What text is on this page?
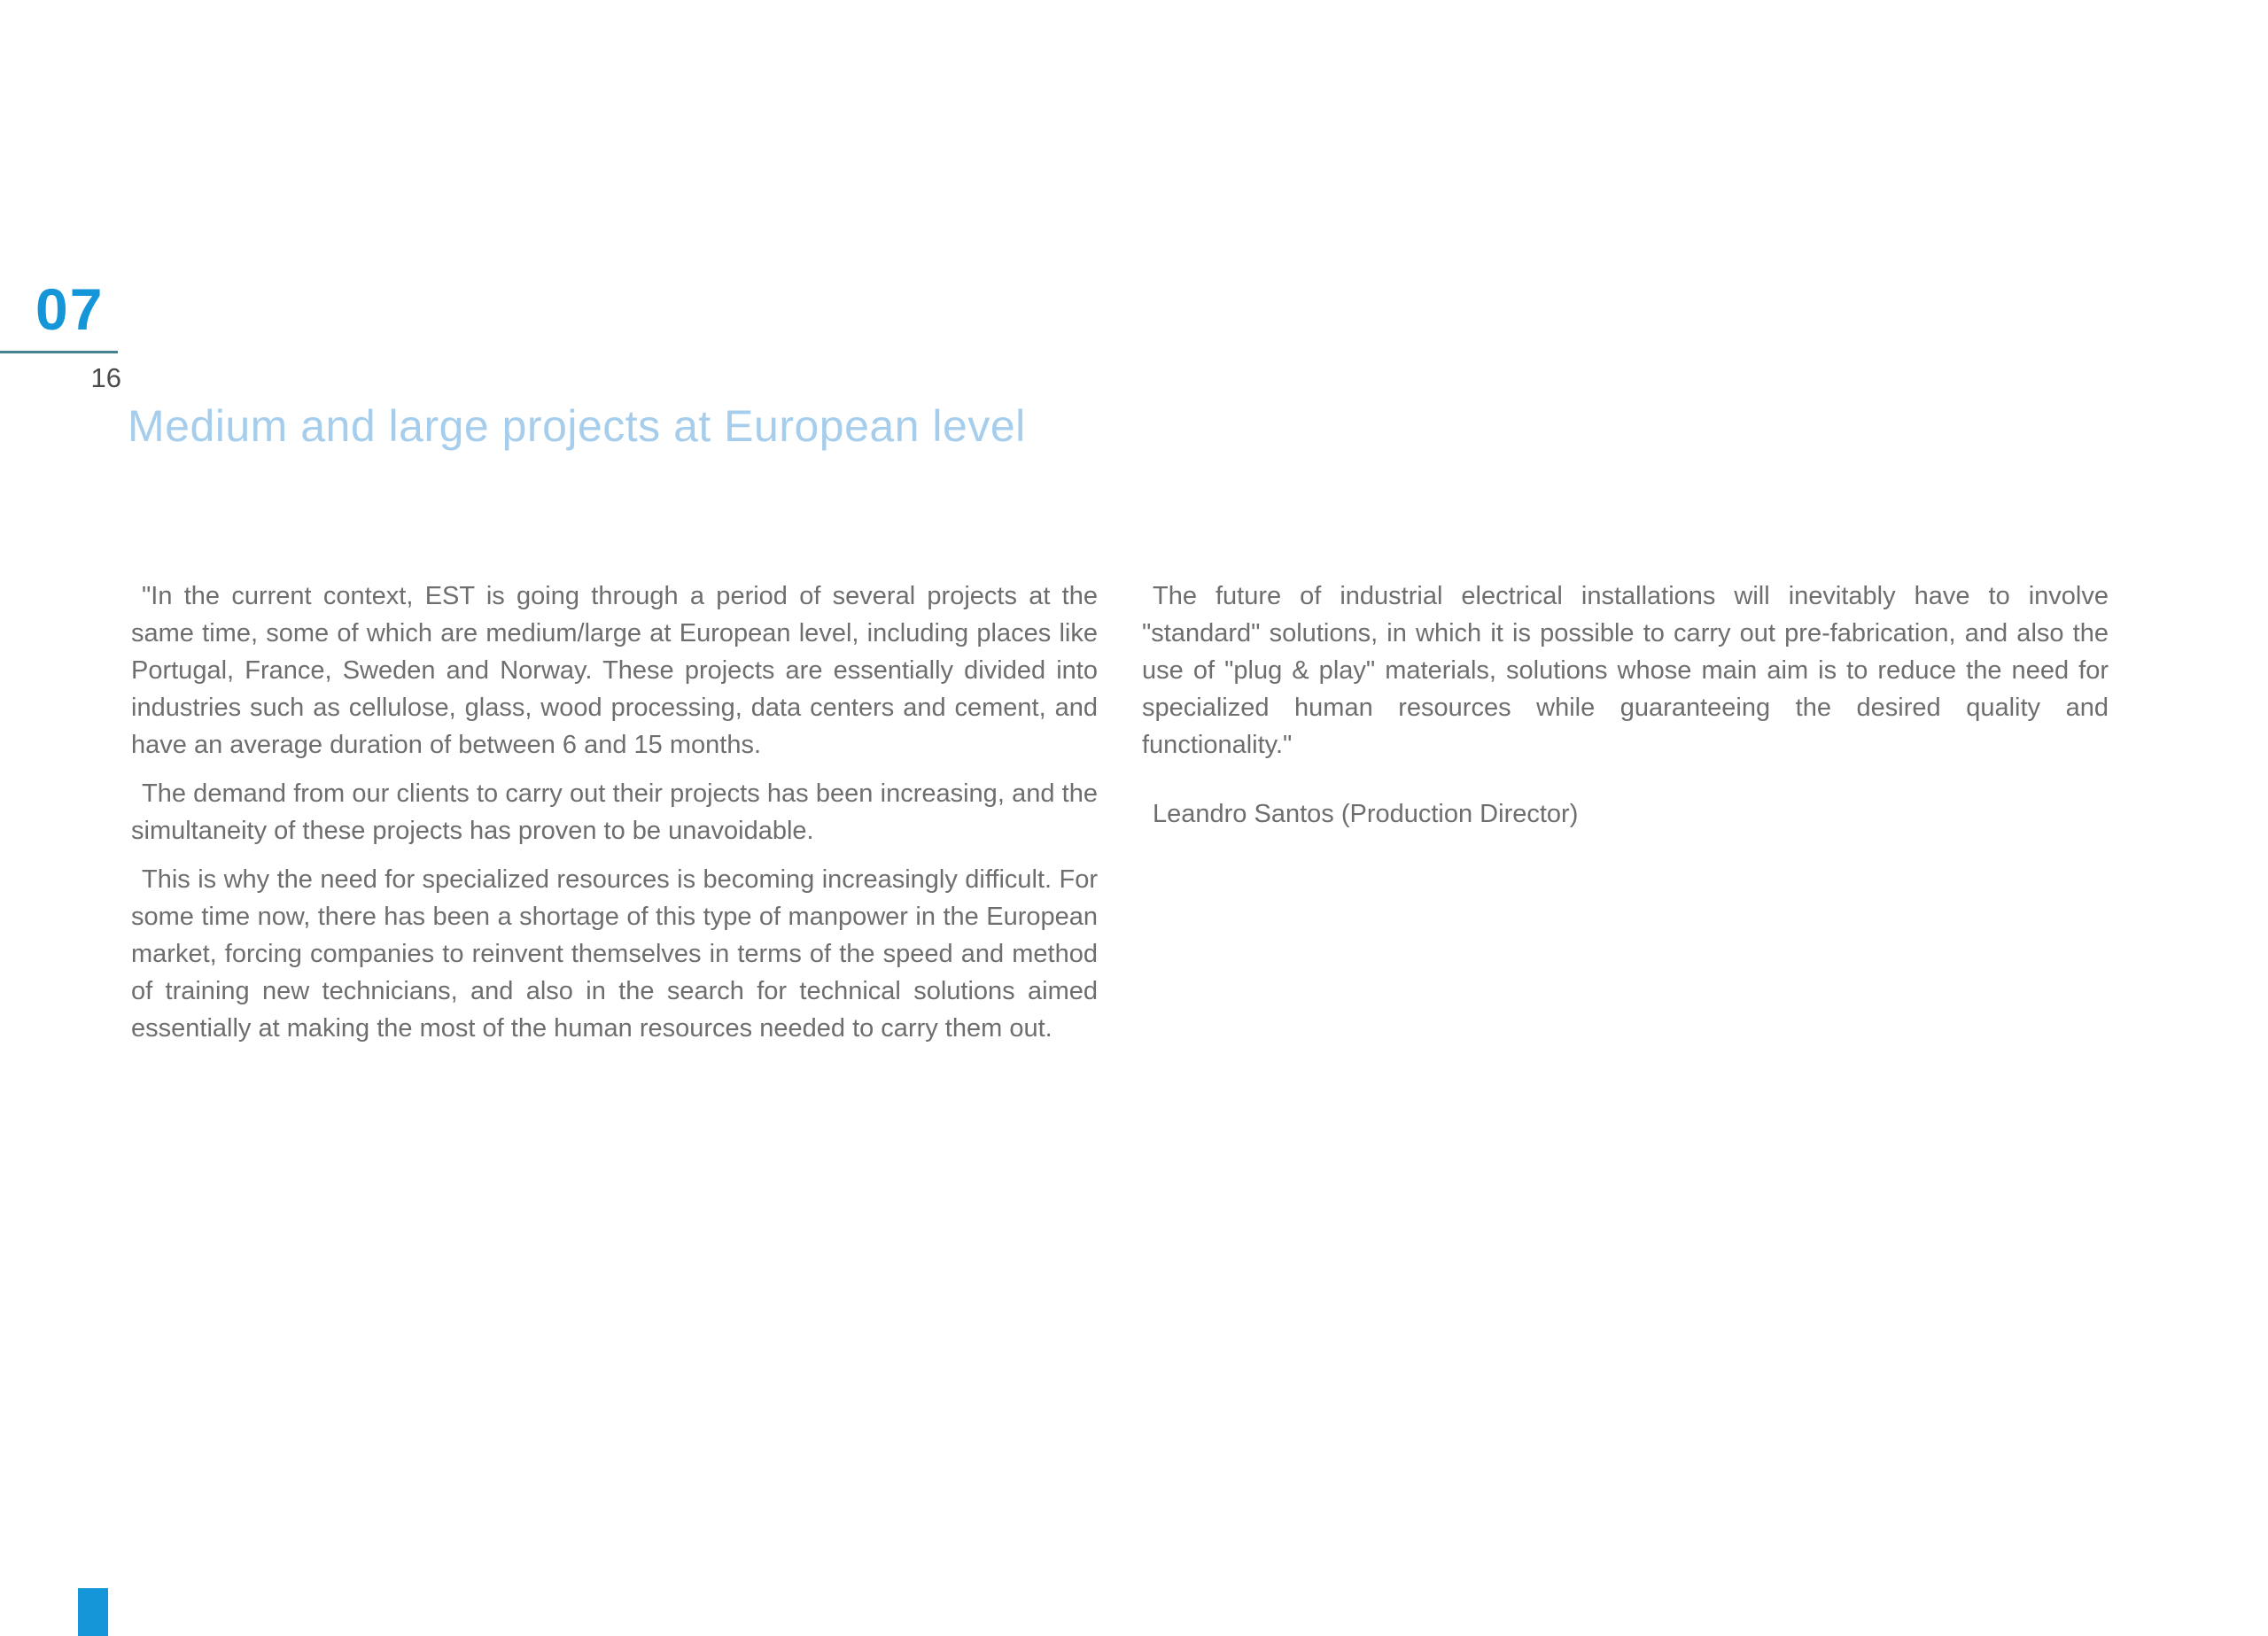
07
16
Medium and large projects at European level

"In the current context, EST is going through a period of several projects at the same time, some of which are medium/large at European level, including places like Portugal, France, Sweden and Norway. These projects are essentially divided into industries such as cellulose, glass, wood processing, data centers and cement, and have an average duration of between 6 and 15 months.

The demand from our clients to carry out their projects has been increasing, and the simultaneity of these projects has proven to be unavoidable.

This is why the need for specialized resources is becoming increasingly difficult. For some time now, there has been a shortage of this type of manpower in the European market, forcing companies to reinvent themselves in terms of the speed and method of training new technicians, and also in the search for technical solutions aimed essentially at making the most of the human resources needed to carry them out.

The future of industrial electrical installations will inevitably have to involve "standard" solutions, in which it is possible to carry out pre-fabrication, and also the use of "plug & play" materials, solutions whose main aim is to reduce the need for specialized human resources while guaranteeing the desired quality and functionality."

Leandro Santos (Production Director)
